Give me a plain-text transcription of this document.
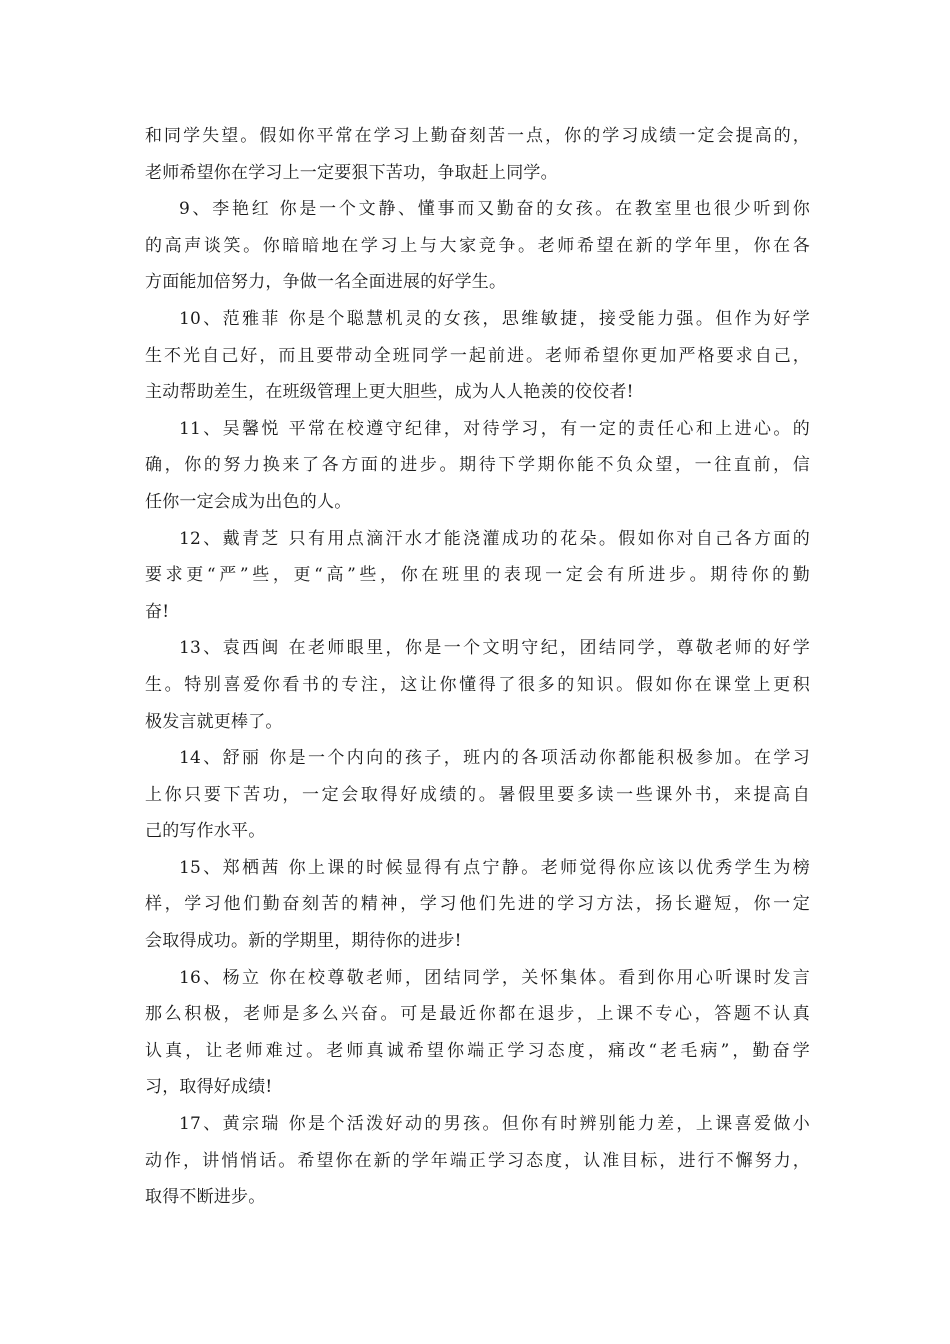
和同学失望。假如你平常在学习上勤奋刻苦一点，你的学习成绩一定会提高的，
老师希望你在学习上一定要狠下苦功，争取赶上同学。

9、李艳红 你是一个文静、懂事而又勤奋的女孩。在教室里也很少听到你
的高声谈笑。你暗暗地在学习上与大家竞争。老师希望在新的学年里，你在各
方面能加倍努力，争做一名全面进展的好学生。

10、范雅菲 你是个聪慧机灵的女孩，思维敏捷，接受能力强。但作为好学
生不光自己好，而且要带动全班同学一起前进。老师希望你更加严格要求自己，
主动帮助差生，在班级管理上更大胆些，成为人人艳羡的佼佼者!

11、吴馨悦 平常在校遵守纪律，对待学习，有一定的责任心和上进心。的
确，你的努力换来了各方面的进步。期待下学期你能不负众望，一往直前，信
任你一定会成为出色的人。

12、戴青芝 只有用点滴汗水才能浇灌成功的花朵。假如你对自己各方面的
要求更“严”些，更“高”些，你在班里的表现一定会有所进步。期待你的勤
奋!

13、袁西闽 在老师眼里，你是一个文明守纪，团结同学，尊敬老师的好学
生。特别喜爱你看书的专注，这让你懂得了很多的知识。假如你在课堂上更积
极发言就更棒了。

14、舒丽 你是一个内向的孩子，班内的各项活动你都能积极参加。在学习
上你只要下苦功，一定会取得好成绩的。暑假里要多读一些课外书，来提高自
己的写作水平。

15、郑栖茜 你上课的时候显得有点宁静。老师觉得你应该以优秀学生为榜
样，学习他们勤奋刻苦的精神，学习他们先进的学习方法，扬长避短，你一定
会取得成功。新的学期里，期待你的进步!

16、杨立 你在校尊敬老师，团结同学，关怀集体。看到你用心听课时发言
那么积极，老师是多么兴奋。可是最近你都在退步，上课不专心，答题不认真
认真，让老师难过。老师真诚希望你端正学习态度，痛改“老毛病”，勤奋学
习，取得好成绩!

17、黄宗瑞 你是个活泼好动的男孩。但你有时辨别能力差，上课喜爱做小
动作，讲悄悄话。希望你在新的学年端正学习态度，认准目标，进行不懈努力，
取得不断进步。
